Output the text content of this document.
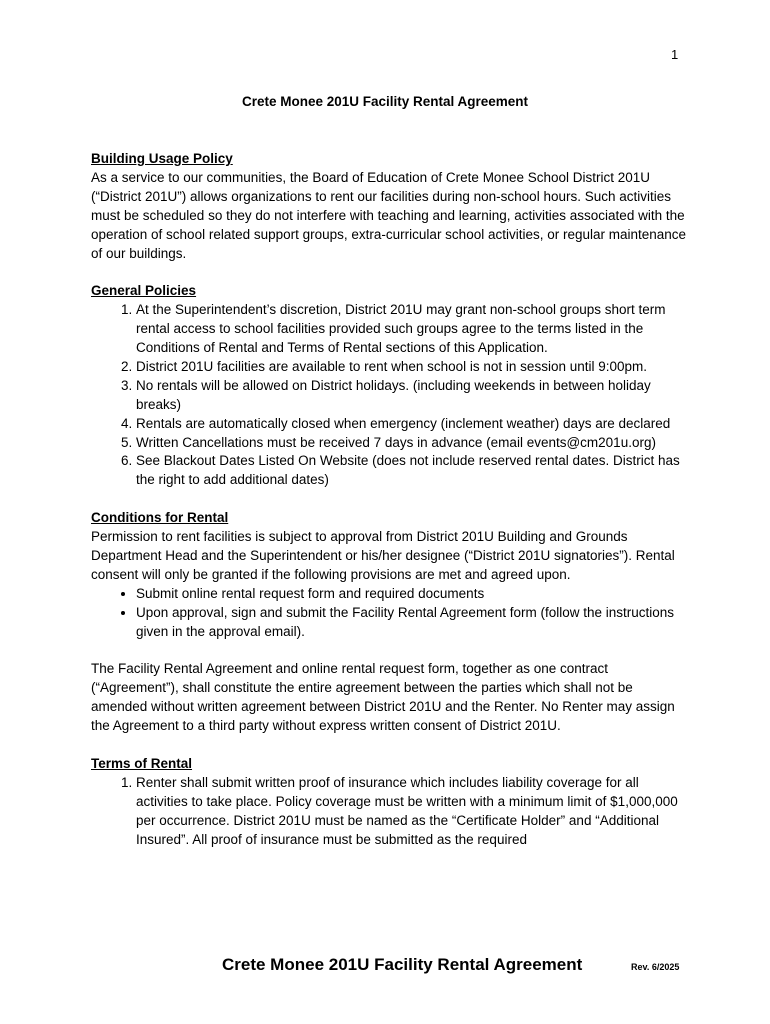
1
Crete Monee 201U Facility Rental Agreement
Building Usage Policy

As a service to our communities, the Board of Education of Crete Monee School District 201U (“District 201U”) allows organizations to rent our facilities during non-school hours. Such activities must be scheduled so they do not interfere with teaching and learning, activities associated with the operation of school related support groups, extra-curricular school activities, or regular maintenance of our buildings.

General Policies
1. At the Superintendent’s discretion, District 201U may grant non-school groups short term rental access to school facilities provided such groups agree to the terms listed in the Conditions of Rental and Terms of Rental sections of this Application.
2. District 201U facilities are available to rent when school is not in session until 9:00pm.
3. No rentals will be allowed on District holidays. (including weekends in between holiday breaks)
4. Rentals are automatically closed when emergency (inclement weather) days are declared
5. Written Cancellations must be received 7 days in advance (email events@cm201u.org)
6. See Blackout Dates Listed On Website (does not include reserved rental dates. District has the right to add additional dates)
Conditions for Rental

Permission to rent facilities is subject to approval from District 201U Building and Grounds Department Head and the Superintendent or his/her designee (“District 201U signatories”). Rental consent will only be granted if the following provisions are met and agreed upon.

• Submit online rental request form and required documents
• Upon approval, sign and submit the Facility Rental Agreement form (follow the instructions given in the approval email).

The Facility Rental Agreement and online rental request form, together as one contract (“Agreement”), shall constitute the entire agreement between the parties which shall not be amended without written agreement between District 201U and the Renter. No Renter may assign the Agreement to a third party without express written consent of District 201U.

Terms of Rental
1. Renter shall submit written proof of insurance which includes liability coverage for all activities to take place. Policy coverage must be written with a minimum limit of $1,000,000 per occurrence. District 201U must be named as the “Certificate Holder” and “Additional Insured”. All proof of insurance must be submitted as the required
Crete Monee 201U Facility Rental Agreement	Rev. 6/2025
